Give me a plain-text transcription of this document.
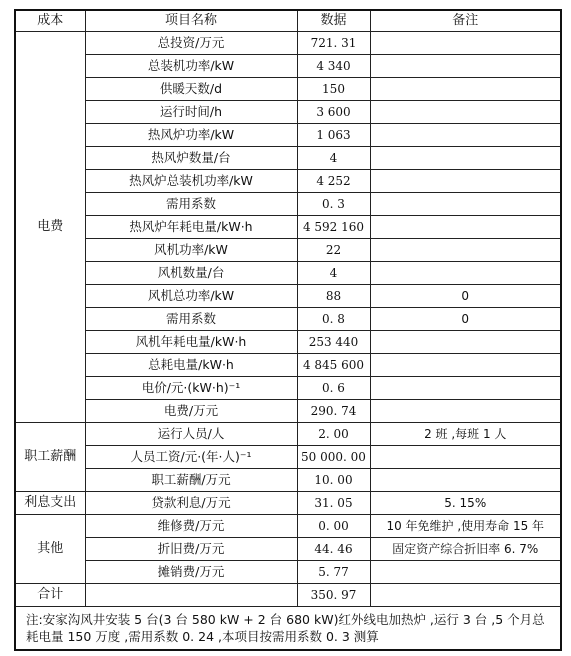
成本	项目名称	数据	备注
电费	总投资/万元	721. 31	
	总装机功率/kW	4 340	
	供暖天数/d	150	
	运行时间/h	3 600	
	热风炉功率/kW	1 063	
	热风炉数量/台	4	
	热风炉总装机功率/kW	4 252	
	需用系数	0. 3	
	热风炉年耗电量/kW·h	4 592 160	
	风机功率/kW	22	
	风机数量/台	4	
	风机总功率/kW	88	0
	需用系数	0. 8	0
	风机年耗电量/kW·h	253 440	
	总耗电量/kW·h	4 845 600	
	电价/元·(kW·h)⁻¹	0. 6	
	电费/万元	290. 74	
职工薪酬	运行人员/人	2. 00	2 班 ,每班 1 人
	人员工资/元·(年·人)⁻¹	50 000. 00	
	职工薪酬/万元	10. 00	
利息支出	贷款利息/万元	31. 05	5. 15%
其他	维修费/万元	0. 00	10 年免维护 ,使用寿命 15 年
	折旧费/万元	44. 46	固定资产综合折旧率 6. 7%
	摊销费/万元	5. 77	
合计		350. 97	
注:安家沟风井安装 5 台(3 台 580 kW + 2 台 680 kW)红外线电加热炉 ,运行 3 台 ,5 个月总耗电量 150 万度 ,需用系数 0. 24 ,本项目按需用系数 0. 3 测算			
